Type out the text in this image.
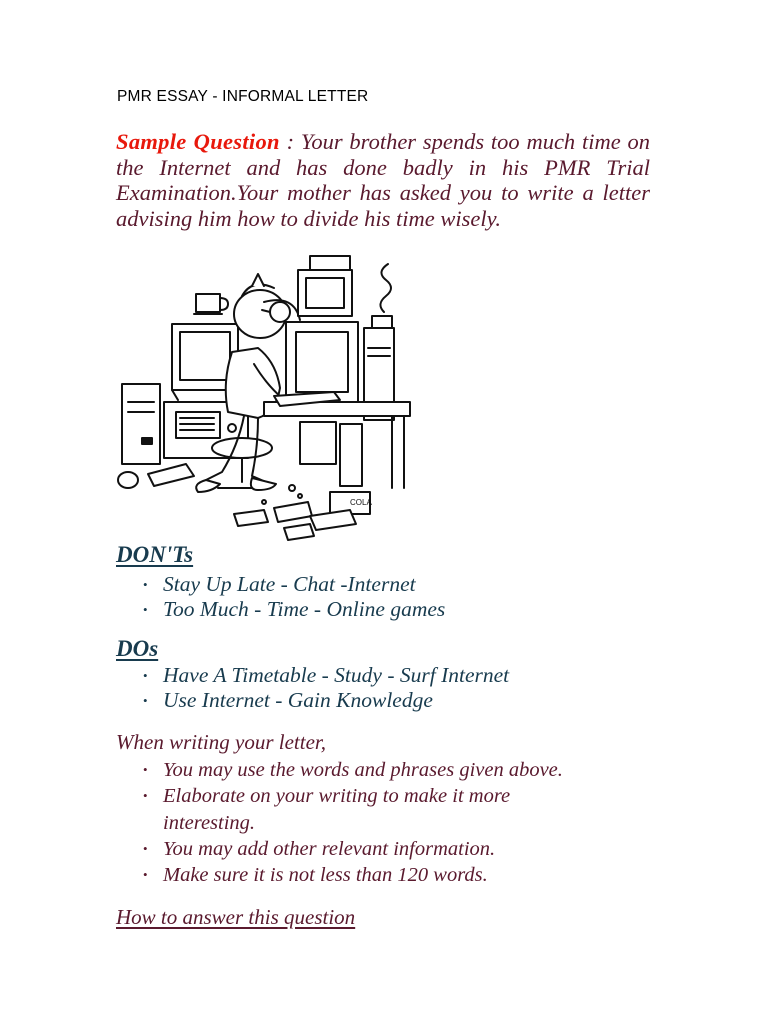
PMR ESSAY - INFORMAL LETTER
Sample Question : Your brother spends too much time on the Internet and has done badly in his PMR Trial Examination.Your mother has asked you to write a letter advising him how to divide his time wisely.
COLA
DON'Ts
• Stay Up Late - Chat -Internet
• Too Much - Time - Online games
DOs
• Have A Timetable - Study - Surf Internet
• Use Internet - Gain Knowledge
When writing your letter,
• You may use the words and phrases given above.
• Elaborate on your writing to make it more
interesting.
• You may add other relevant information.
• Make sure it is not less than 120 words.
How to answer this question
